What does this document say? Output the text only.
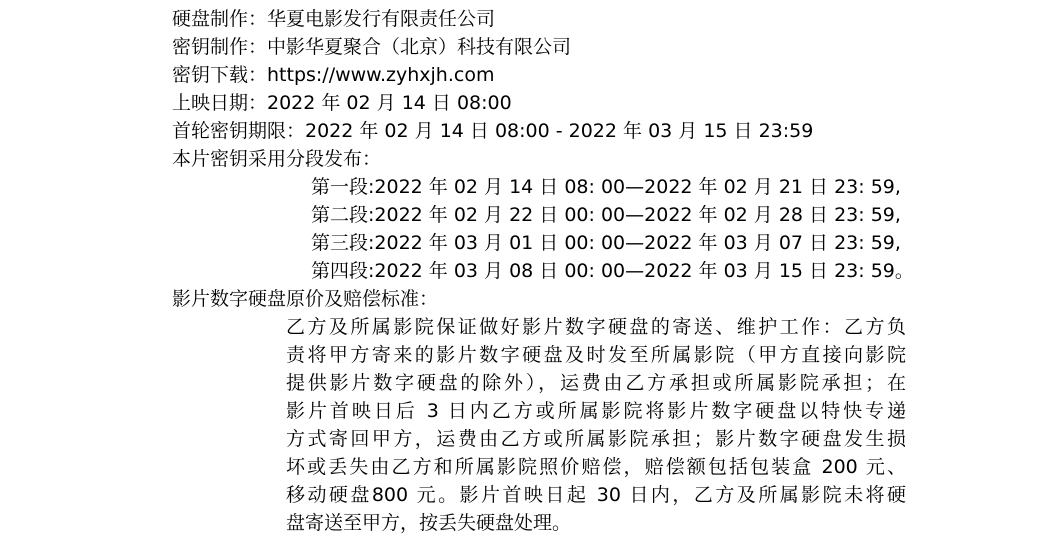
硬盘制作：华夏电影发行有限责任公司
密钥制作：中影华夏聚合（北京）科技有限公司
密钥下载：https://www.zyhxjh.com
上映日期：2022 年 02 月 14 日 08:00
首轮密钥期限：2022 年 02 月 14 日 08:00 - 2022 年 03 月 15 日 23:59
本片密钥采用分段发布：
第一段:2022 年 02 月 14 日 08: 00—2022 年 02 月 21 日 23: 59,
第二段:2022 年 02 月 22 日 00: 00—2022 年 02 月 28 日 23: 59,
第三段:2022 年 03 月 01 日 00: 00—2022 年 03 月 07 日 23: 59,
第四段:2022 年 03 月 08 日 00: 00—2022 年 03 月 15 日 23: 59。
影片数字硬盘原价及赔偿标准：
乙方及所属影院保证做好影片数字硬盘的寄送、维护工作：乙方负
责将甲方寄来的影片数字硬盘及时发至所属影院（甲方直接向影院
提供影片数字硬盘的除外），运费由乙方承担或所属影院承担；在
影片首映日后 3 日内乙方或所属影院将影片数字硬盘以特快专递
方式寄回甲方，运费由乙方或所属影院承担；影片数字硬盘发生损
坏或丢失由乙方和所属影院照价赔偿，赔偿额包括包装盒 200 元、
移动硬盘800 元。影片首映日起 30 日内，乙方及所属影院未将硬
盘寄送至甲方，按丢失硬盘处理。
